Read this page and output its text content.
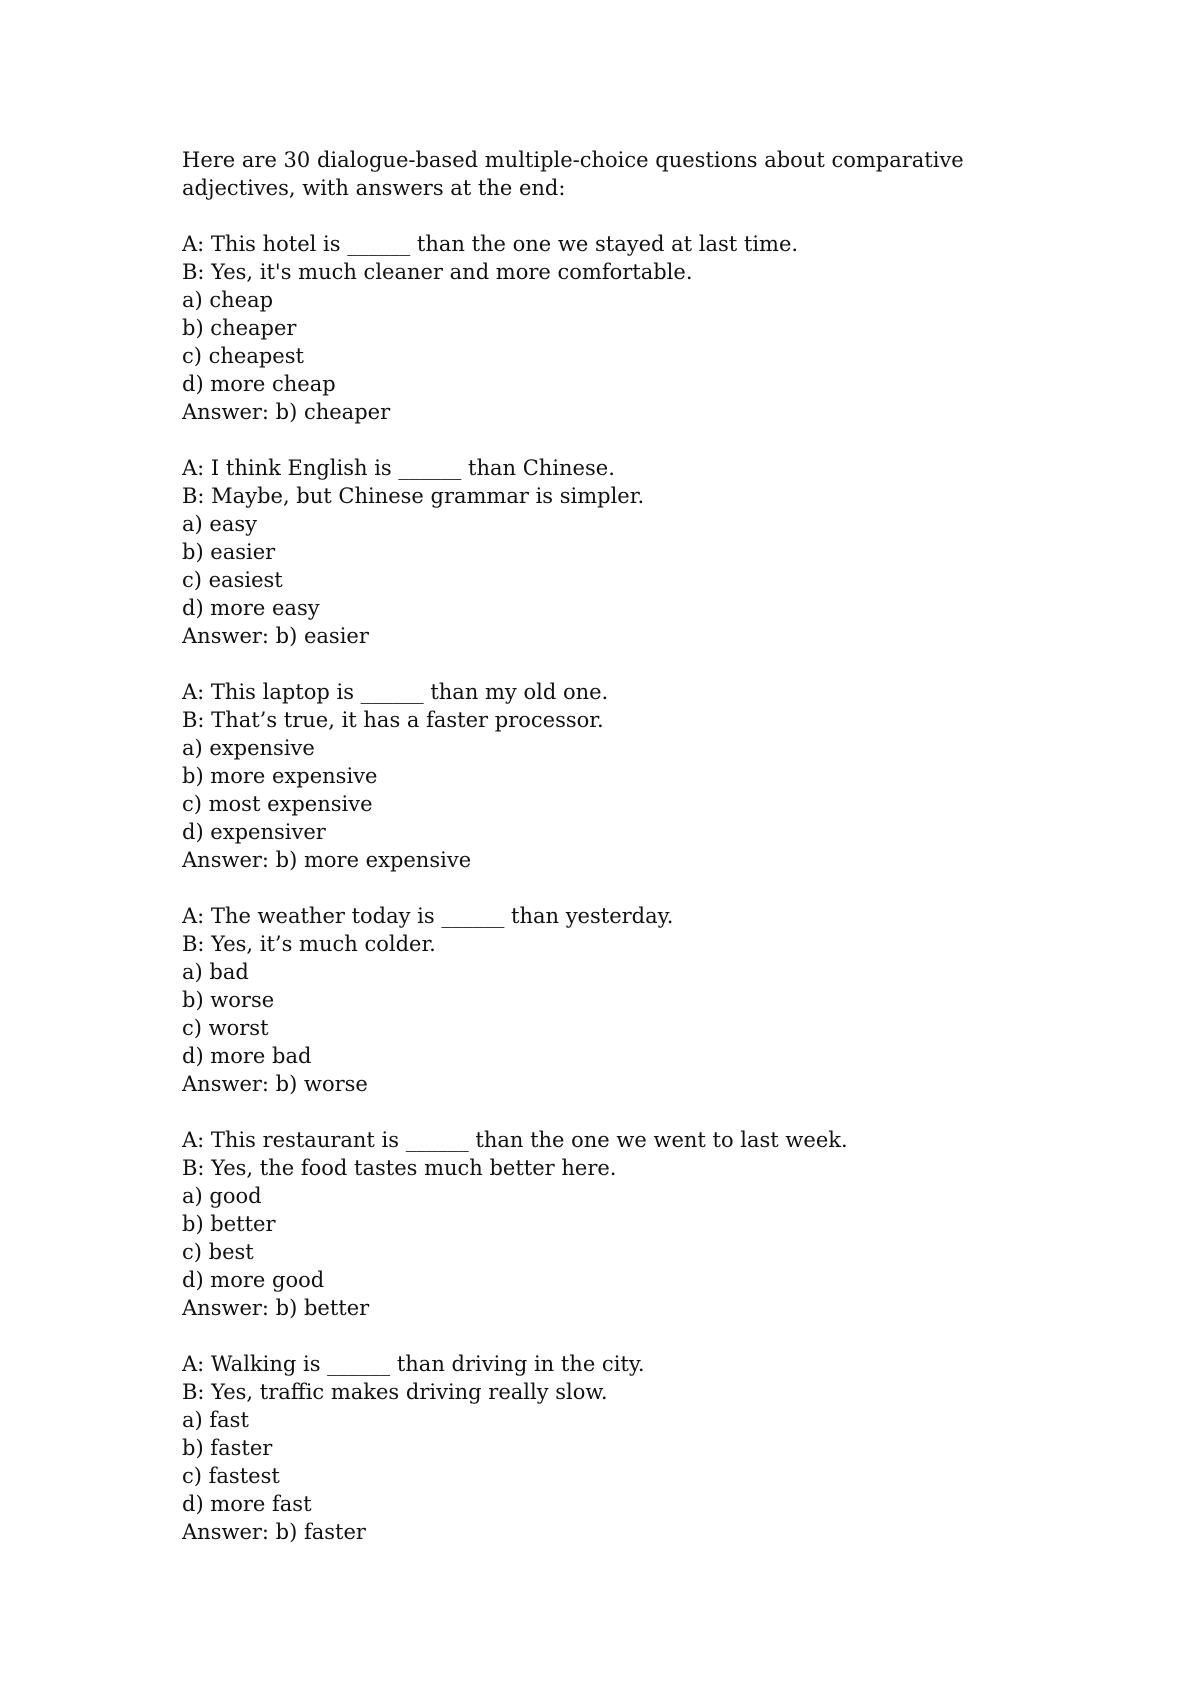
Here are 30 dialogue-based multiple-choice questions about comparative

adjectives, with answers at the end:

A: This hotel is ______ than the one we stayed at last time.
B: Yes, it's much cleaner and more comfortable.
a) cheap
b) cheaper
c) cheapest
d) more cheap
Answer: b) cheaper
A: I think English is ______ than Chinese.
B: Maybe, but Chinese grammar is simpler.
a) easy
b) easier
c) easiest
d) more easy
Answer: b) easier
A: This laptop is ______ than my old one.
B: That’s true, it has a faster processor.
a) expensive
b) more expensive
c) most expensive
d) expensiver
Answer: b) more expensive
A: The weather today is ______ than yesterday.
B: Yes, it’s much colder.
a) bad
b) worse
c) worst
d) more bad
Answer: b) worse
A: This restaurant is ______ than the one we went to last week.
B: Yes, the food tastes much better here.
a) good
b) better
c) best
d) more good
Answer: b) better
A: Walking is ______ than driving in the city.
B: Yes, traffic makes driving really slow.
a) fast
b) faster
c) fastest
d) more fast
Answer: b) faster
